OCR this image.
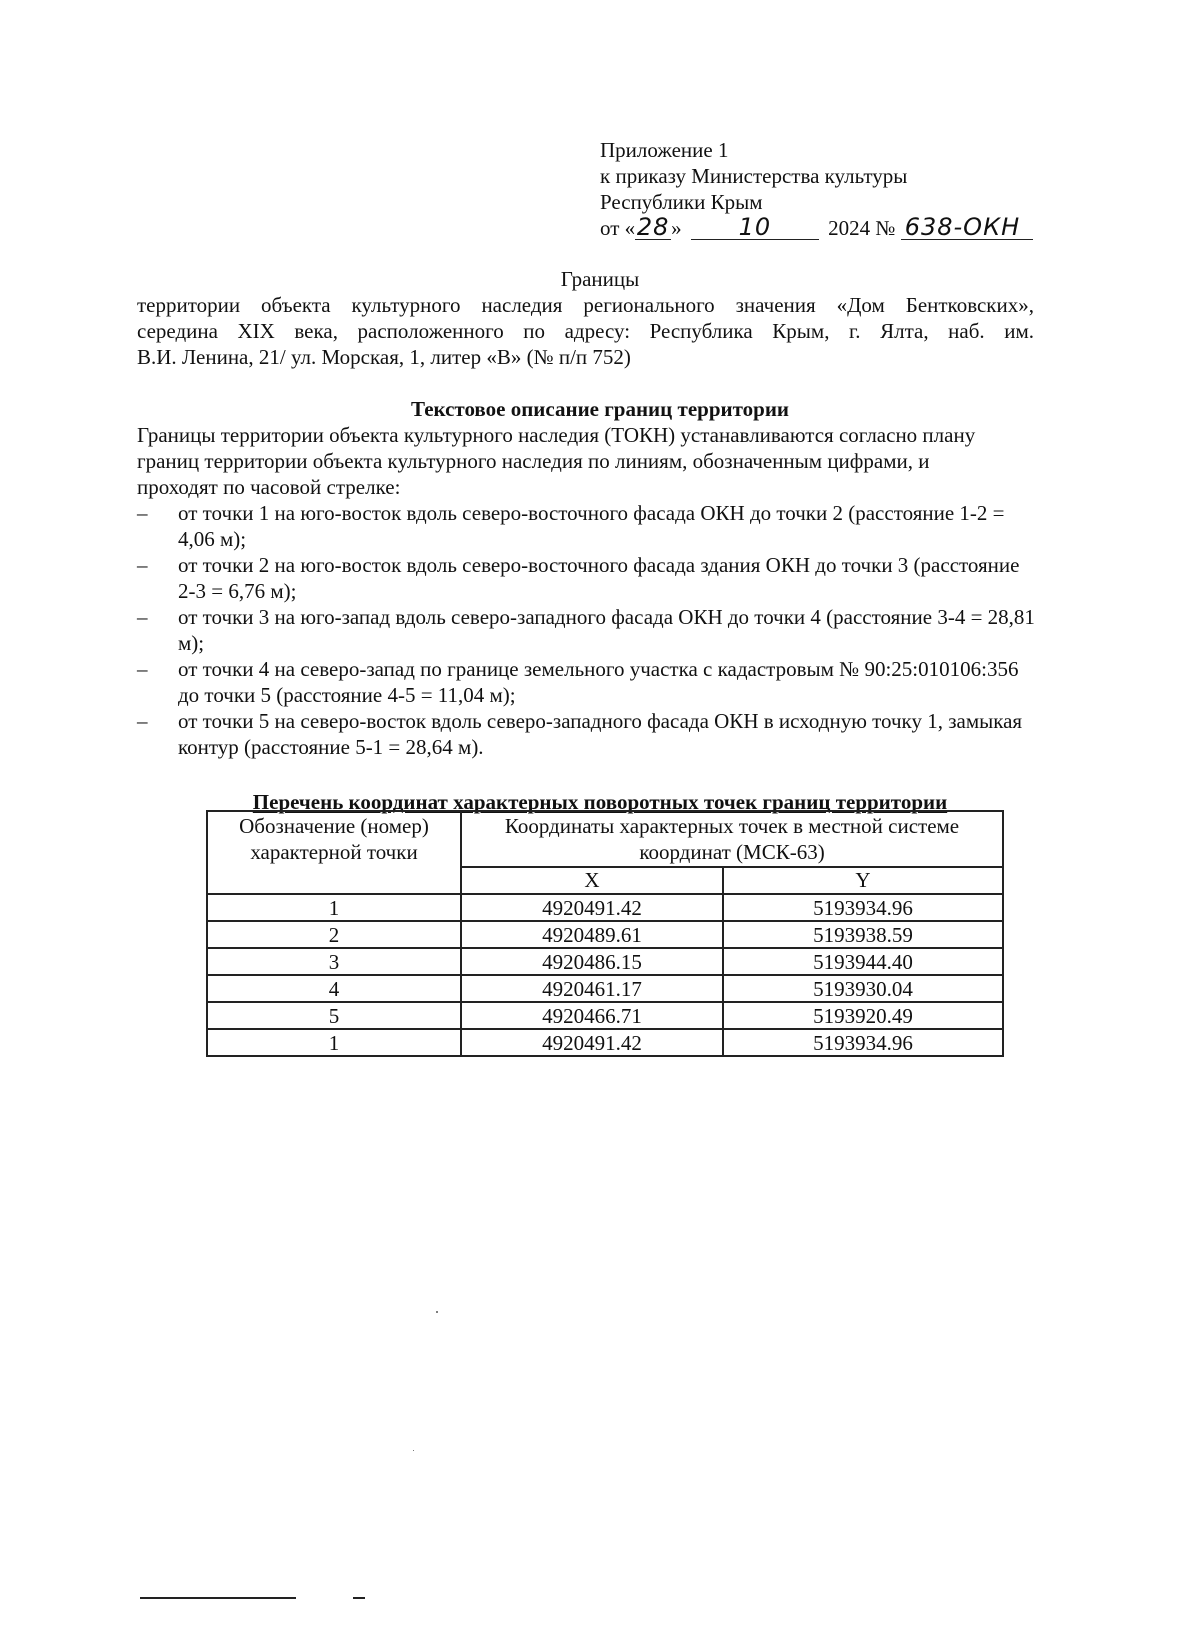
Приложение 1
к приказу Министерства культуры
Республики Крым
от «28» 10	2024 № 638-ОКН
Границы

территории объекта культурного наследия регионального значения «Дом Бентковских»,

середина XIX века, расположенного по адресу: Республика Крым, г. Ялта, наб. им.

В.И. Ленина, 21/ ул. Морская, 1, литер «В» (№ п/п 752)

Текстовое описание границ территории

Границы территории объекта культурного наследия (ТОКН) устанавливаются согласно плану

границ территории объекта культурного наследия по линиям, обозначенным цифрами, и

проходят по часовой стрелке:

– от точки 1 на юго-восток вдоль северо-восточного фасада ОКН до точки 2 (расстояние 1-2 = 4,06 м);
– от точки 2 на юго-восток вдоль северо-восточного фасада здания ОКН до точки 3 (расстояние 2-3 = 6,76 м);
– от точки 3 на юго-запад вдоль северо-западного фасада ОКН до точки 4 (расстояние 3-4 = 28,81 м);
– от точки 4 на северо-запад по границе земельного участка с кадастровым № 90:25:010106:356 до точки 5 (расстояние 4-5 = 11,04 м);
– от точки 5 на северо-восток вдоль северо-западного фасада ОКН в исходную точку 1, замыкая контур (расстояние 5-1 = 28,64 м).
Перечень координат характерных поворотных точек границ территории
Обозначение (номер) характерной точки	Координаты характерных точек в местной системе координат (МСК-63)	
	X	Y
1	4920491.42	5193934.96
2	4920489.61	5193938.59
3	4920486.15	5193944.40
4	4920461.17	5193930.04
5	4920466.71	5193920.49
1	4920491.42	5193934.96
